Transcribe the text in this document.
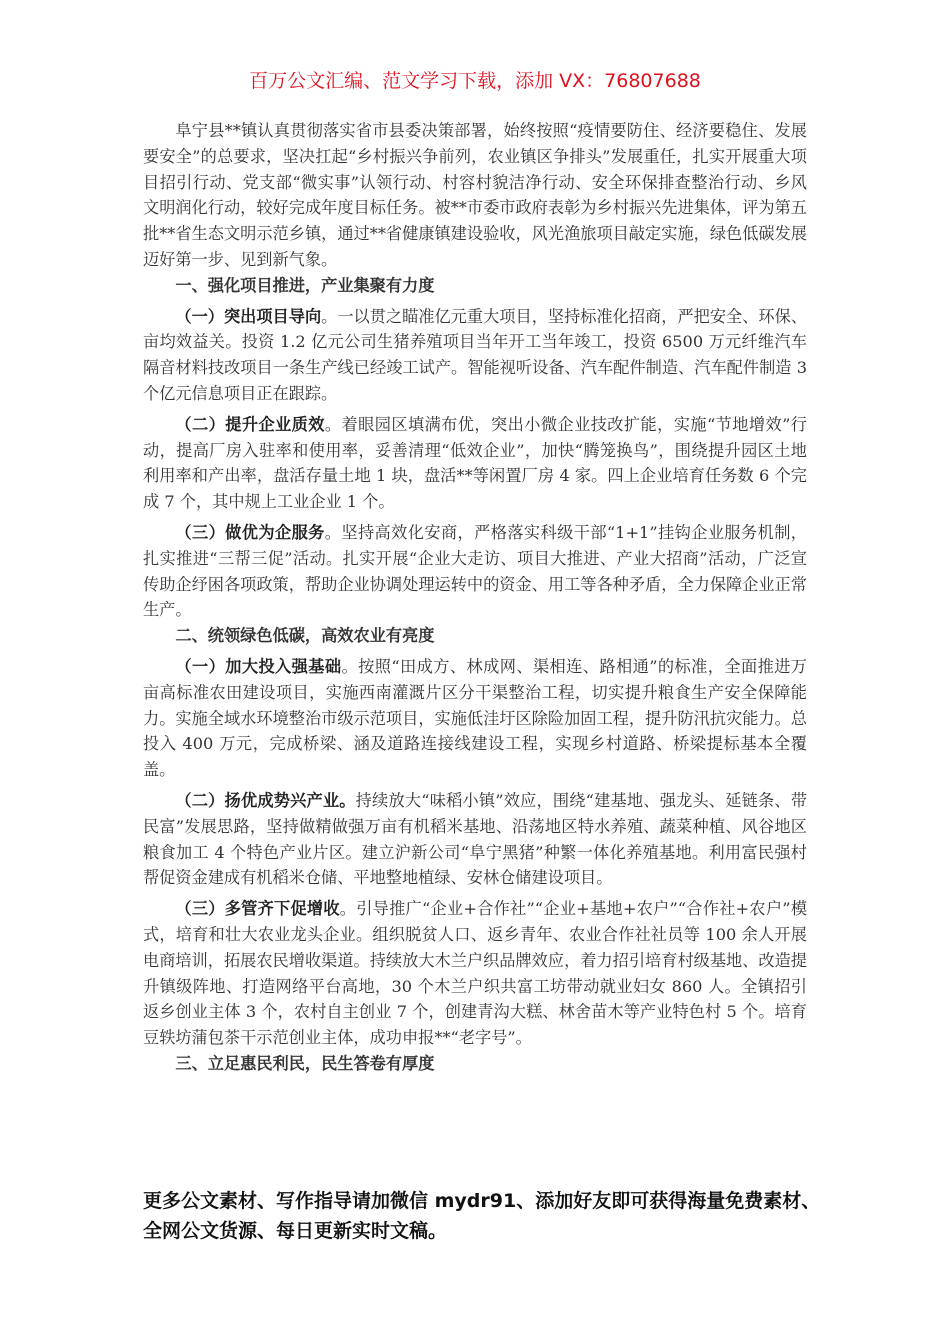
百万公文汇编、范文学习下载，添加 VX：76807688

阜宁县**镇认真贯彻落实省市县委决策部署，始终按照“疫情要防住、经济要稳住、发展要安全”的总要求，坚决扛起“乡村振兴争前列，农业镇区争排头”发展重任，扎实开展重大项目招引行动、党支部“微实事”认领行动、村容村貌洁净行动、安全环保排查整治行动、乡风文明润化行动，较好完成年度目标任务。被**市委市政府表彰为乡村振兴先进集体，评为第五批**省生态文明示范乡镇，通过**省健康镇建设验收，风光渔旅项目敲定实施，绿色低碳发展迈好第一步、见到新气象。

一、强化项目推进，产业集聚有力度

（一）突出项目导向。一以贯之瞄准亿元重大项目，坚持标准化招商，严把安全、环保、亩均效益关。投资 1.2 亿元公司生猪养殖项目当年开工当年竣工，投资 6500 万元纤维汽车隔音材料技改项目一条生产线已经竣工试产。智能视听设备、汽车配件制造、汽车配件制造 3 个亿元信息项目正在跟踪。

（二）提升企业质效。着眼园区填满布优，突出小微企业技改扩能，实施“节地增效”行动，提高厂房入驻率和使用率，妥善清理“低效企业”，加快“腾笼换鸟”，围绕提升园区土地利用率和产出率，盘活存量土地 1 块，盘活**等闲置厂房 4 家。四上企业培育任务数 6 个完成 7 个，其中规上工业企业 1 个。

（三）做优为企服务。坚持高效化安商，严格落实科级干部“1+1”挂钩企业服务机制，扎实推进“三帮三促”活动。扎实开展“企业大走访、项目大推进、产业大招商”活动，广泛宣传助企纾困各项政策，帮助企业协调处理运转中的资金、用工等各种矛盾，全力保障企业正常生产。

二、统领绿色低碳，高效农业有亮度

（一）加大投入强基础。按照“田成方、林成网、渠相连、路相通”的标准，全面推进万亩高标准农田建设项目，实施西南灌溉片区分干渠整治工程，切实提升粮食生产安全保障能力。实施全域水环境整治市级示范项目，实施低洼圩区除险加固工程，提升防汛抗灾能力。总投入 400 万元，完成桥梁、涵及道路连接线建设工程，实现乡村道路、桥梁提标基本全覆盖。

（二）扬优成势兴产业。持续放大“味稻小镇”效应，围绕“建基地、强龙头、延链条、带民富”发展思路，坚持做精做强万亩有机稻米基地、沿荡地区特水养殖、蔬菜种植、风谷地区粮食加工 4 个特色产业片区。建立沪新公司“阜宁黑猪”种繁一体化养殖基地。利用富民强村帮促资金建成有机稻米仓储、平地整地植绿、安林仓储建设项目。

（三）多管齐下促增收。引导推广“企业+合作社”“企业+基地+农户”“合作社+农户”模式，培育和壮大农业龙头企业。组织脱贫人口、返乡青年、农业合作社社员等 100 余人开展电商培训，拓展农民增收渠道。持续放大木兰户织品牌效应，着力招引培育村级基地、改造提升镇级阵地、打造网络平台高地，30 个木兰户织共富工坊带动就业妇女 860 人。全镇招引返乡创业主体 3 个，农村自主创业 7 个，创建青沟大糕、林舍苗木等产业特色村 5 个。培育豆轶坊蒲包茶干示范创业主体，成功申报**“老字号”。

三、立足惠民利民，民生答卷有厚度

更多公文素材、写作指导请加微信 mydr91、添加好友即可获得海量免费素材、全网公文货源、每日更新实时文稿。
